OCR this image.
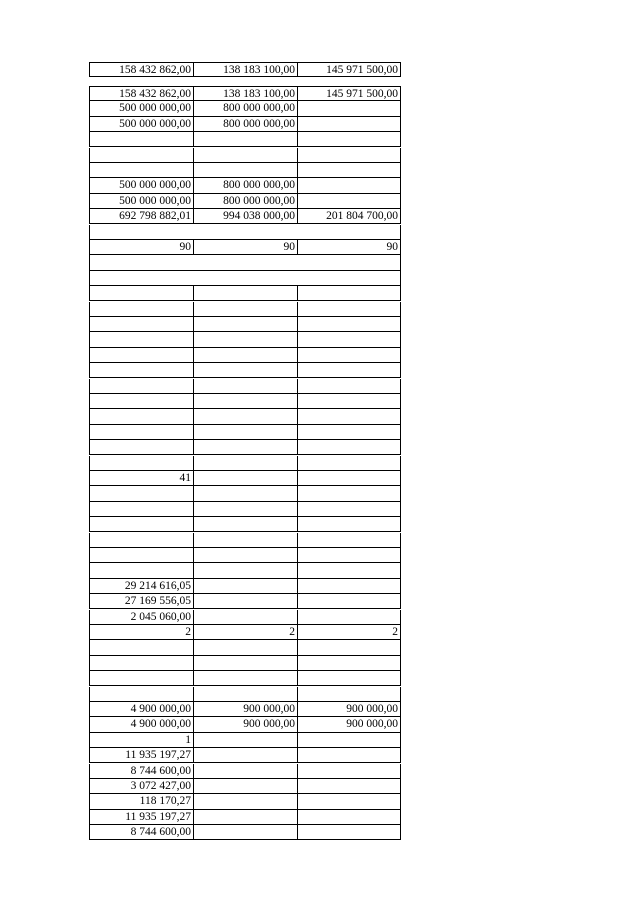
158 432 862,00	138 183 100,00	145 971 500,00
158 432 862,00	138 183 100,00	145 971 500,00
500 000 000,00	800 000 000,00
500 000 000,00	800 000 000,00
500 000 000,00	800 000 000,00
500 000 000,00	800 000 000,00
692 798 882,01	994 038 000,00	201 804 700,00
90	90	90
41
29 214 616,05
27 169 556,05
2 045 060,00
2	2	2
4 900 000,00	900 000,00	900 000,00
4 900 000,00	900 000,00	900 000,00
1
11 935 197,27
8 744 600,00
3 072 427,00
118 170,27
11 935 197,27
8 744 600,00
